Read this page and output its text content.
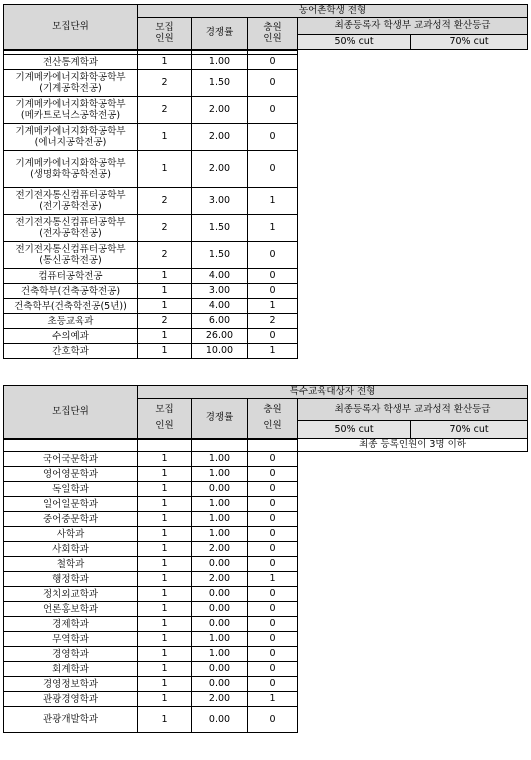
모집단위	농어촌학생 전형				
	모집
인원	경쟁률	충원
인원	최종등록자 학생부 교과성적 환산등급	
				50% cut	70% cut

전산통계학과	1	1.00	0		
기계메카에너지화학공학부
(기계공학전공)	2	1.50	0		
기계메카에너지화학공학부
(메카트로닉스공학전공)	2	2.00	0		
기계메카에너지화학공학부
(에너지공학전공)	1	2.00	0		
기계메카에너지화학공학부
(생명화학공학전공)	1	2.00	0		
전기전자통신컴퓨터공학부
(전기공학전공)	2	3.00	1		
전기전자통신컴퓨터공학부
(전자공학전공)	2	1.50	1		
전기전자통신컴퓨터공학부
(통신공학전공)	2	1.50	0		
컴퓨터공학전공	1	4.00	0		
건축학부(건축공학전공)	1	3.00	0		
건축학부(건축학전공(5년))	1	4.00	1		
초등교육과	2	6.00	2		
수의예과	1	26.00	0		
간호학과	1	10.00	1		
모집단위	특수교육대상자 전형				
	모집
인원	경쟁률	충원
인원	최종등록자 학생부 교과성적 환산등급	
				50% cut	70% cut
				최종 등록인원이 3명 이하	
국어국문학과	1	1.00	0		
영어영문학과	1	1.00	0		
독일학과	1	0.00	0		
일어일문학과	1	1.00	0		
중어중문학과	1	1.00	0		
사학과	1	1.00	0		
사회학과	1	2.00	0		
철학과	1	0.00	0		
행정학과	1	2.00	1		
정치외교학과	1	0.00	0		
언론홍보학과	1	0.00	0		
경제학과	1	0.00	0		
무역학과	1	1.00	0		
경영학과	1	1.00	0		
회계학과	1	0.00	0		
경영정보학과	1	0.00	0		
관광경영학과	1	2.00	1		
관광개발학과	1	0.00	0		
